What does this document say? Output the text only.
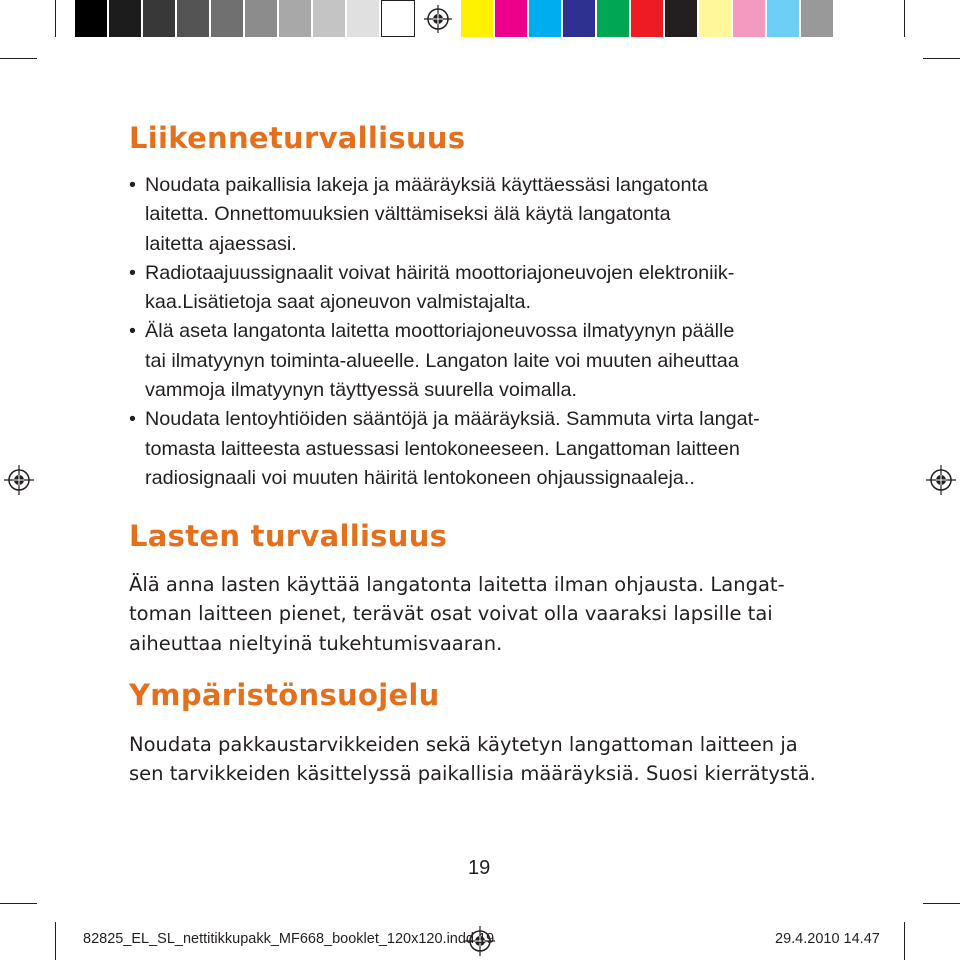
Liikenneturvallisuus
• Noudata paikallisia lakeja ja määräyksiä käyttäessäsi langatonta
laitetta. Onnettomuuksien välttämiseksi älä käytä langatonta
laitetta ajaessasi.
• Radiotaajuussignaalit voivat häiritä moottoriajoneuvojen elektroniik-
kaa.Lisätietoja saat ajoneuvon valmistajalta.
• Älä aseta langatonta laitetta moottoriajoneuvossa ilmatyynyn päälle
tai ilmatyynyn toiminta-alueelle. Langaton laite voi muuten aiheuttaa
vammoja ilmatyynyn täyttyessä suurella voimalla.
• Noudata lentoyhtiöiden sääntöjä ja määräyksiä. Sammuta virta langat-
tomasta laitteesta astuessasi lentokoneeseen. Langattoman laitteen
radiosignaali voi muuten häiritä lentokoneen ohjaussignaaleja..
Lasten turvallisuus

Älä anna lasten käyttää langatonta laitetta ilman ohjausta. Langat-
toman laitteen pienet, terävät osat voivat olla vaaraksi lapsille tai
aiheuttaa nieltyinä tukehtumisvaaran.

Ympäristönsuojelu

Noudata pakkaustarvikkeiden sekä käytetyn langattoman laitteen ja
sen tarvikkeiden käsittelyssä paikallisia määräyksiä. Suosi kierrätystä.

19
82825_EL_SL_nettitikkupakk_MF668_booklet_120x120.indd 19	29.4.2010 14.47
